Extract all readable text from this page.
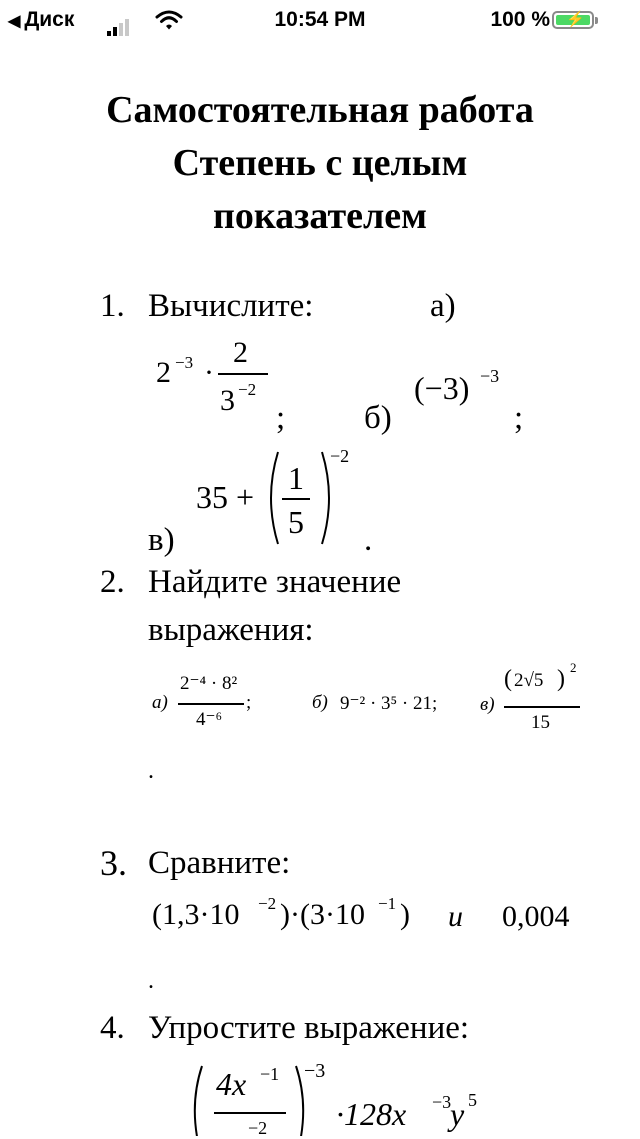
◀ Диск	10:54 PM	100 % ⚡
Самостоятельная работа
Степень с целым
показателем
1. Вычислите:	а)
2 −3 ·
2
3 −2
; б)
(−3) −3
;
35 +
1
5
−2
в)	.
2. Найдите значение
выражения:
а)
2⁻⁴ · 8²
4⁻⁶
;	б) 9⁻² · 3⁵ · 21; в)
( 2√5 ) 2
15
.
3. Сравните:
(1,3·10 −2 )·(3·10 −1 ) и 0,004
.
4. Упростите выражение:
4x −1
−2
−3
·128x −3
y 5
